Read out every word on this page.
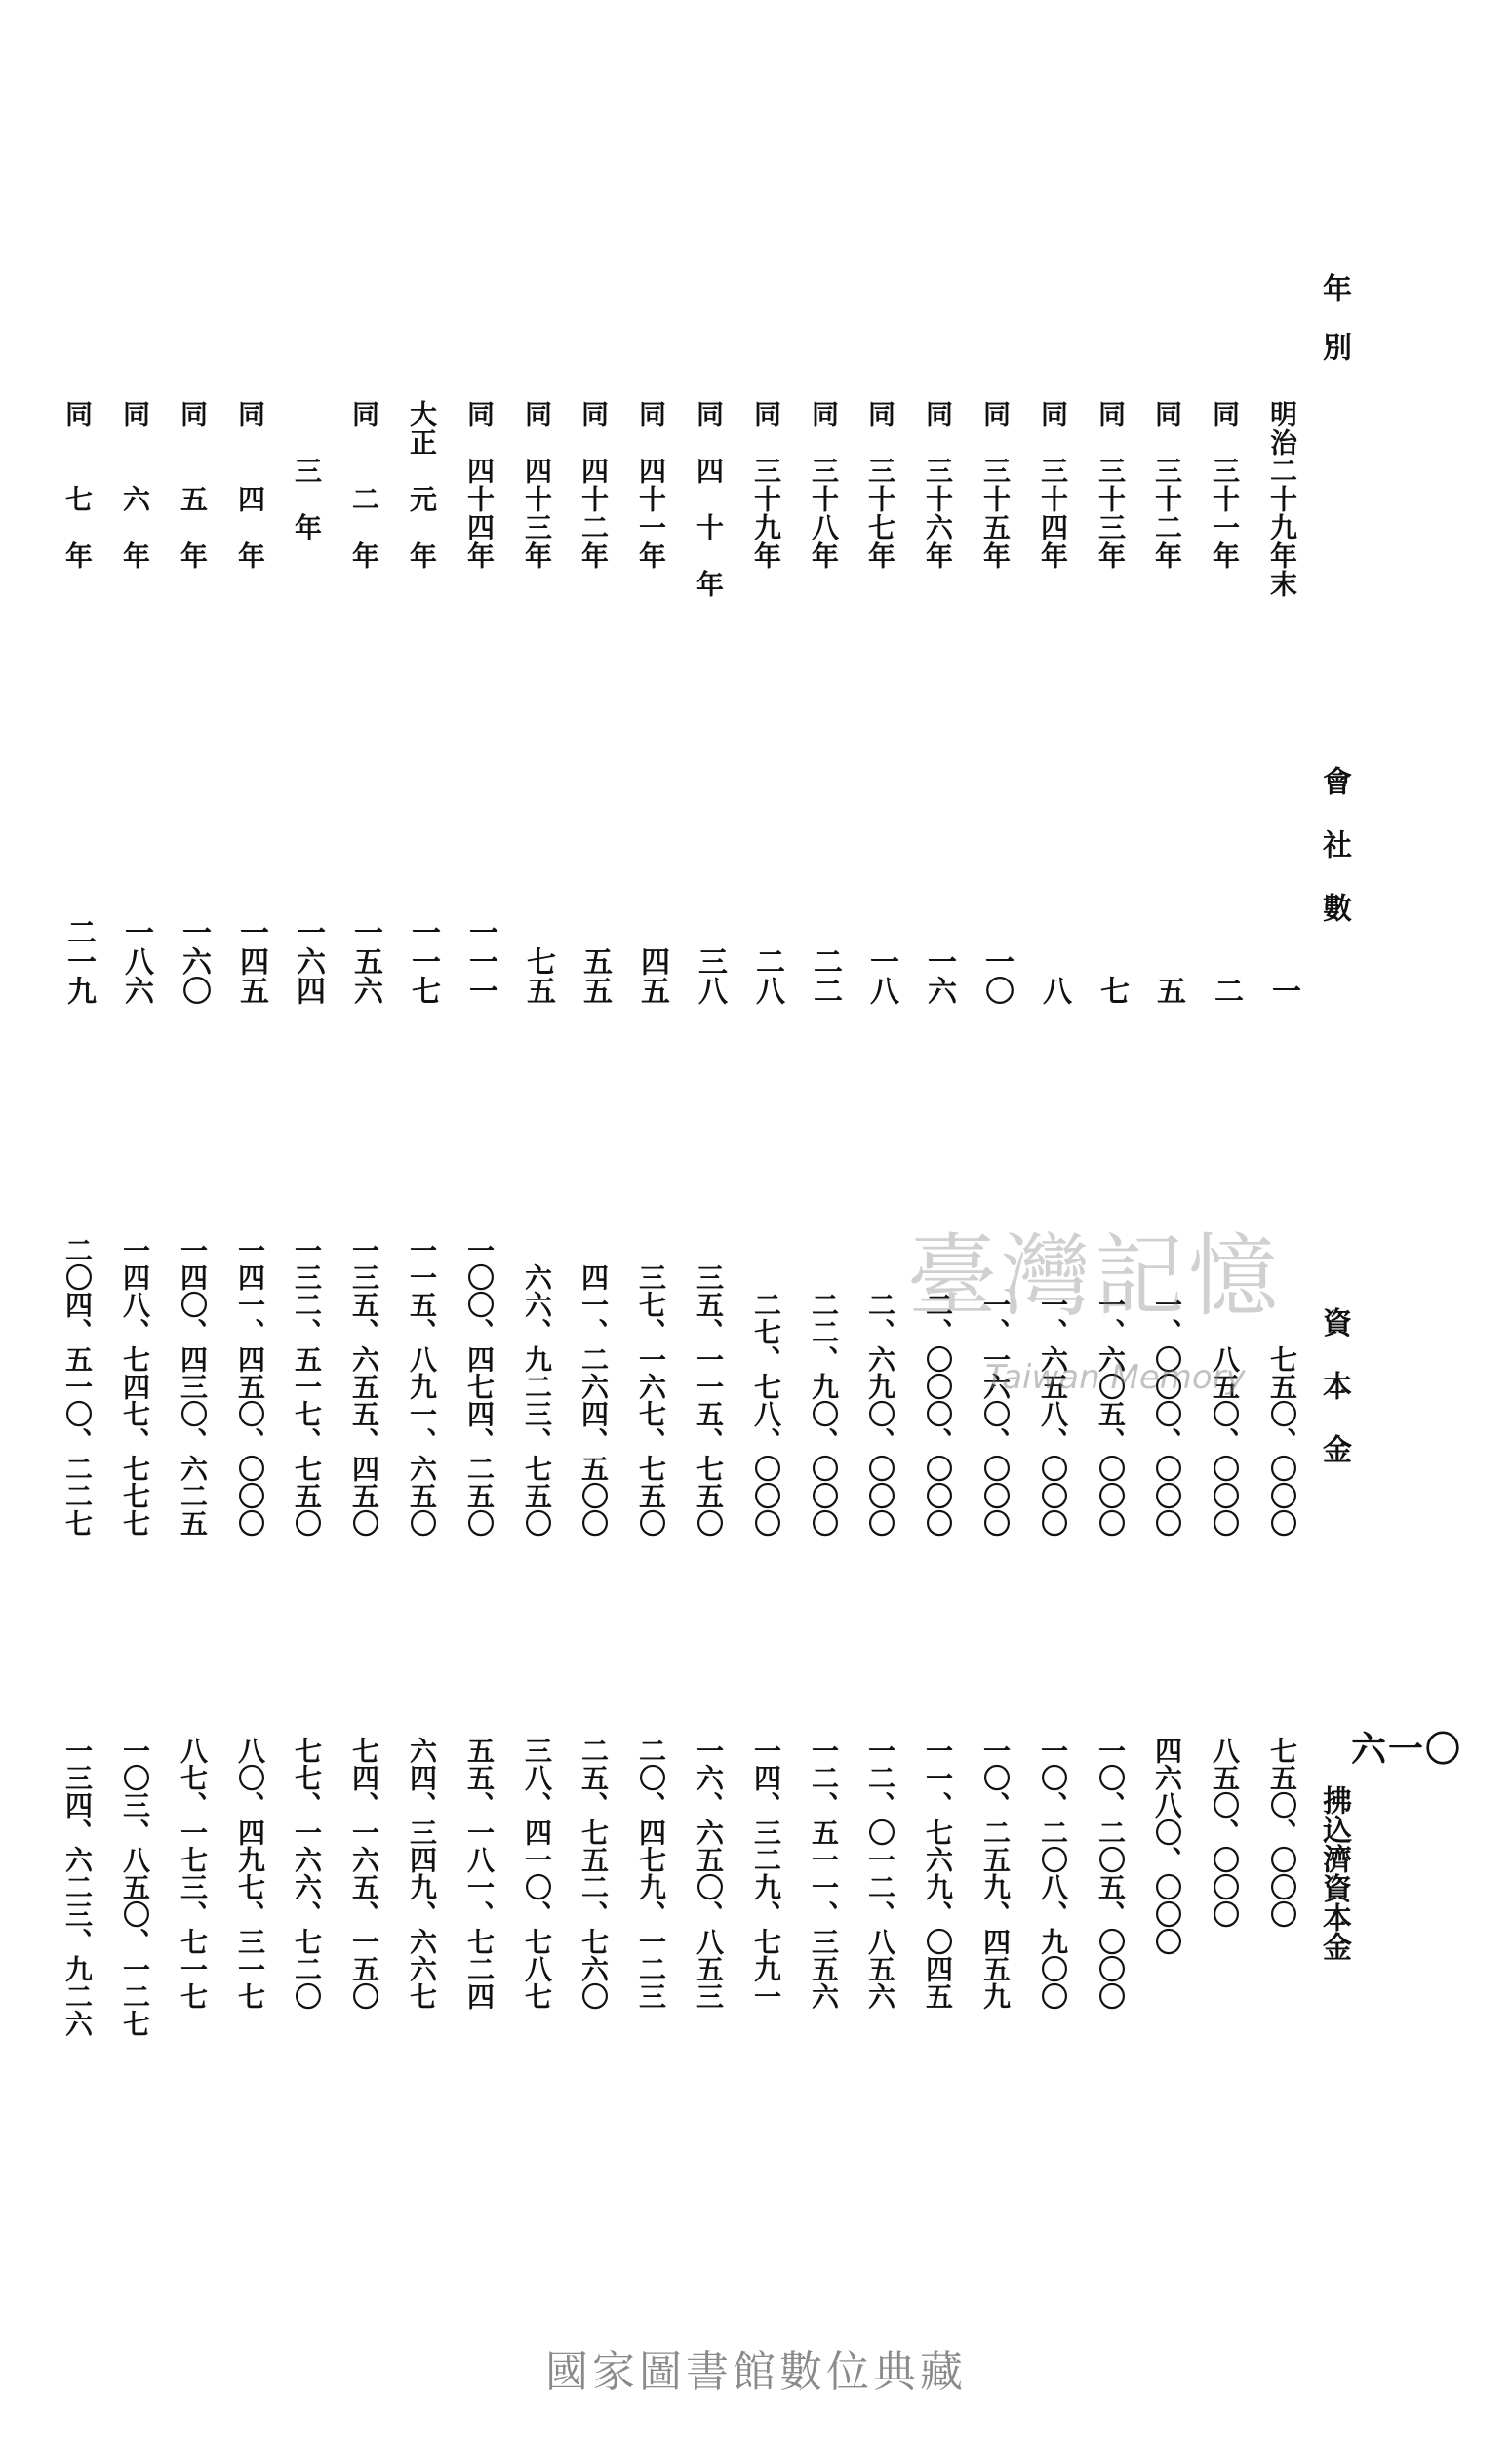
年　別
會 社 數
資 本 金
拂込濟資本金
六一〇
明治二十九年末
一
七五〇、〇〇〇
七五〇、〇〇〇
同　三十一年
二
八五〇、〇〇〇
八五〇、〇〇〇
同　三十二年
五
一、〇〇〇、〇〇〇
四六八〇、〇〇〇
同　三十三年
七
一、六〇五、〇〇〇
一〇、二〇五、〇〇〇
同　三十四年
八
一、六五八、〇〇〇
一〇、二〇八、九〇〇
同　三十五年
一〇
一、一六〇、〇〇〇
一〇、二五九、四五九
同　三十六年
一六
二、〇〇〇、〇〇〇
一一、七六九、〇四五
同　三十七年
一八
二、六九〇、〇〇〇
一二、〇一二、八五六
同　三十八年
二二
二二、九〇、〇〇〇
一二、五一一、三五六
同　三十九年
二八
二七、七八、〇〇〇
一四、三二九、七九一
同　四　十　年
三八
三五、一一五、七五〇
一六、六五〇、八五三
同　四十一年
四五
三七、一六七、七五〇
二〇、四七九、一二三
同　四十二年
五五
四一、二六四、五〇〇
二五、七五二、七六〇
同　四十三年
七五
六六、九二三、七五〇
三八、四一〇、七八七
同　四十四年
一一一
一〇〇、四七四、二五〇
五五、一八一、七二四
大正　元　年
一一七
一一五、八九一、六五〇
六四、三四九、六六七
同　　二　年
一五六
一三五、六五五、四五〇
七四、一六五、一五〇
　　三　年
一六四
一三二、五一七、七五〇
七七、一六六、七二〇
同　　四　年
一四五
一四一、四五〇、〇〇〇
八〇、四九七、三一七
同　　五　年
一六〇
一四〇、四三〇、六二五
八七、一七三、七一七
同　　六　年
一八六
一四八、七四七、七七七
一〇三、八五〇、一二七
同　　七　年
二一九
二〇四、五一〇、二二七
一三四、六二三、九二六
臺灣記憶
Taiwan Memory
國家圖書館數位典藏
